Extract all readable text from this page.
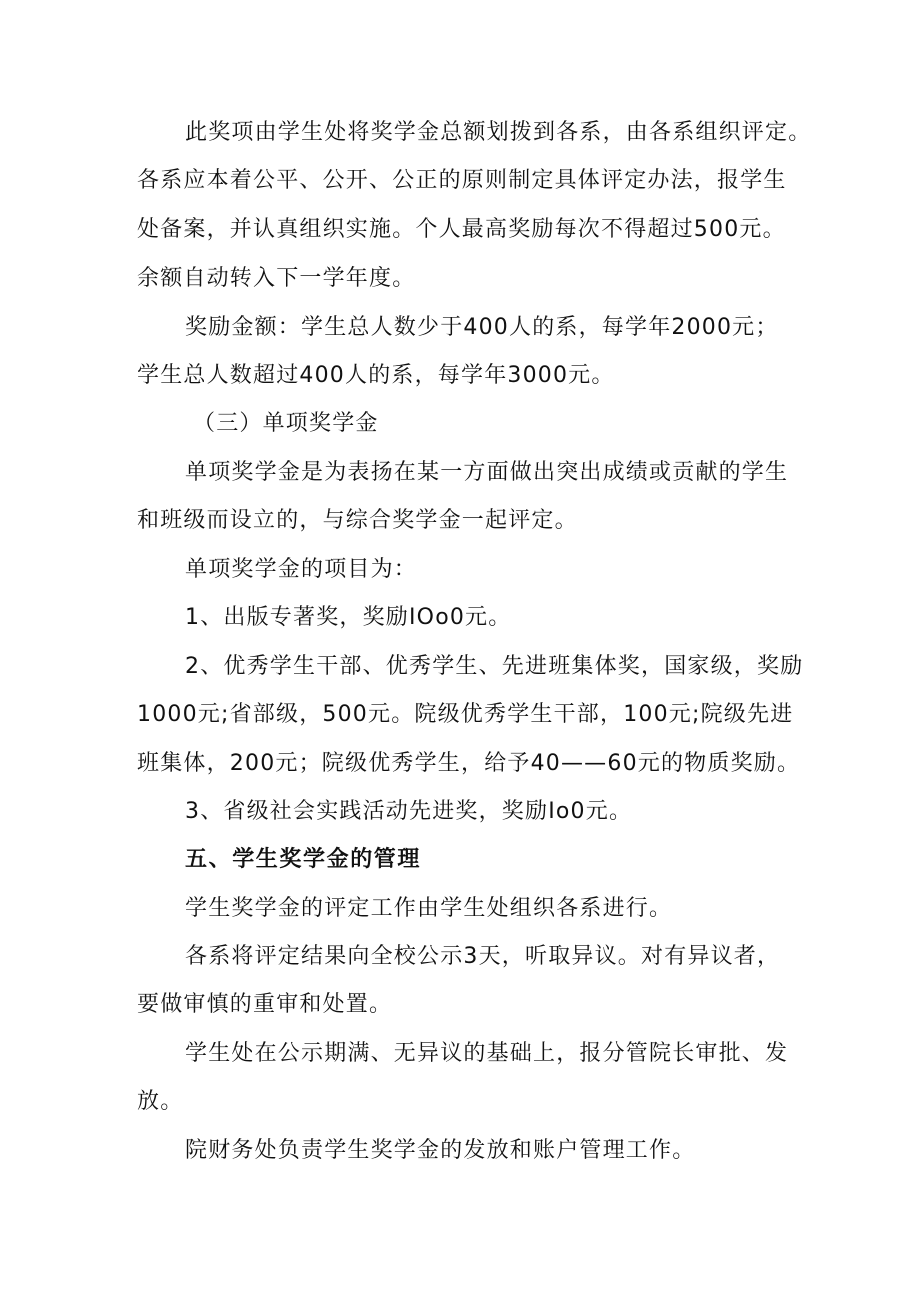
此奖项由学生处将奖学金总额划拨到各系，由各系组织评定。
各系应本着公平、公开、公正的原则制定具体评定办法，报学生
处备案，并认真组织实施。个人最高奖励每次不得超过500元。
余额自动转入下一学年度。
奖励金额：学生总人数少于400人的系，每学年2000元；
学生总人数超过400人的系，每学年3000元。
（三）单项奖学金
单项奖学金是为表扬在某一方面做出突出成绩或贡献的学生
和班级而设立的，与综合奖学金一起评定。
单项奖学金的项目为：
1、出版专著奖，奖励IOo0元。
2、优秀学生干部、优秀学生、先进班集体奖，国家级，奖励
1000元;省部级，500元。院级优秀学生干部，100元;院级先进
班集体，200元；院级优秀学生，给予40——60元的物质奖励。
3、省级社会实践活动先进奖，奖励Io0元。
五、学生奖学金的管理
学生奖学金的评定工作由学生处组织各系进行。
各系将评定结果向全校公示3天，听取异议。对有异议者，
要做审慎的重审和处置。
学生处在公示期满、无异议的基础上，报分管院长审批、发
放。
院财务处负责学生奖学金的发放和账户管理工作。
